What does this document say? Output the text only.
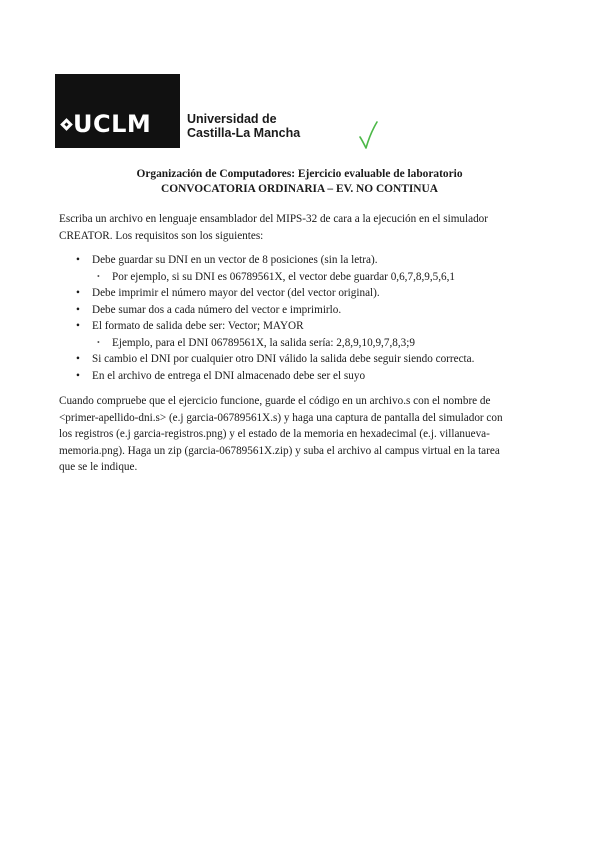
UCLM	Universidad de
Castilla-La Mancha
Organización de Computadores: Ejercicio evaluable de laboratorio
CONVOCATORIA ORDINARIA – EV. NO CONTINUA
Escriba un archivo en lenguaje ensamblador del MIPS-32 de cara a la ejecución en el simulador
CREATOR. Los requisitos son los siguientes:
• Debe guardar su DNI en un vector de 8 posiciones (sin la letra).
• Por ejemplo, si su DNI es 06789561X, el vector debe guardar 0,6,7,8,9,5,6,1
• Debe imprimir el número mayor del vector (del vector original).
• Debe sumar dos a cada número del vector e imprimirlo.
• El formato de salida debe ser: Vector; MAYOR
• Ejemplo, para el DNI 06789561X, la salida sería: 2,8,9,10,9,7,8,3;9
• Si cambio el DNI por cualquier otro DNI válido la salida debe seguir siendo correcta.
• En el archivo de entrega el DNI almacenado debe ser el suyo
Cuando compruebe que el ejercicio funcione, guarde el código en un archivo.s con el nombre de
<primer-apellido-dni.s> (e.j garcia-06789561X.s) y haga una captura de pantalla del simulador con
los registros (e.j garcia-registros.png) y el estado de la memoria en hexadecimal (e.j. villanueva-
memoria.png). Haga un zip (garcia-06789561X.zip) y suba el archivo al campus virtual en la tarea
que se le indique.
